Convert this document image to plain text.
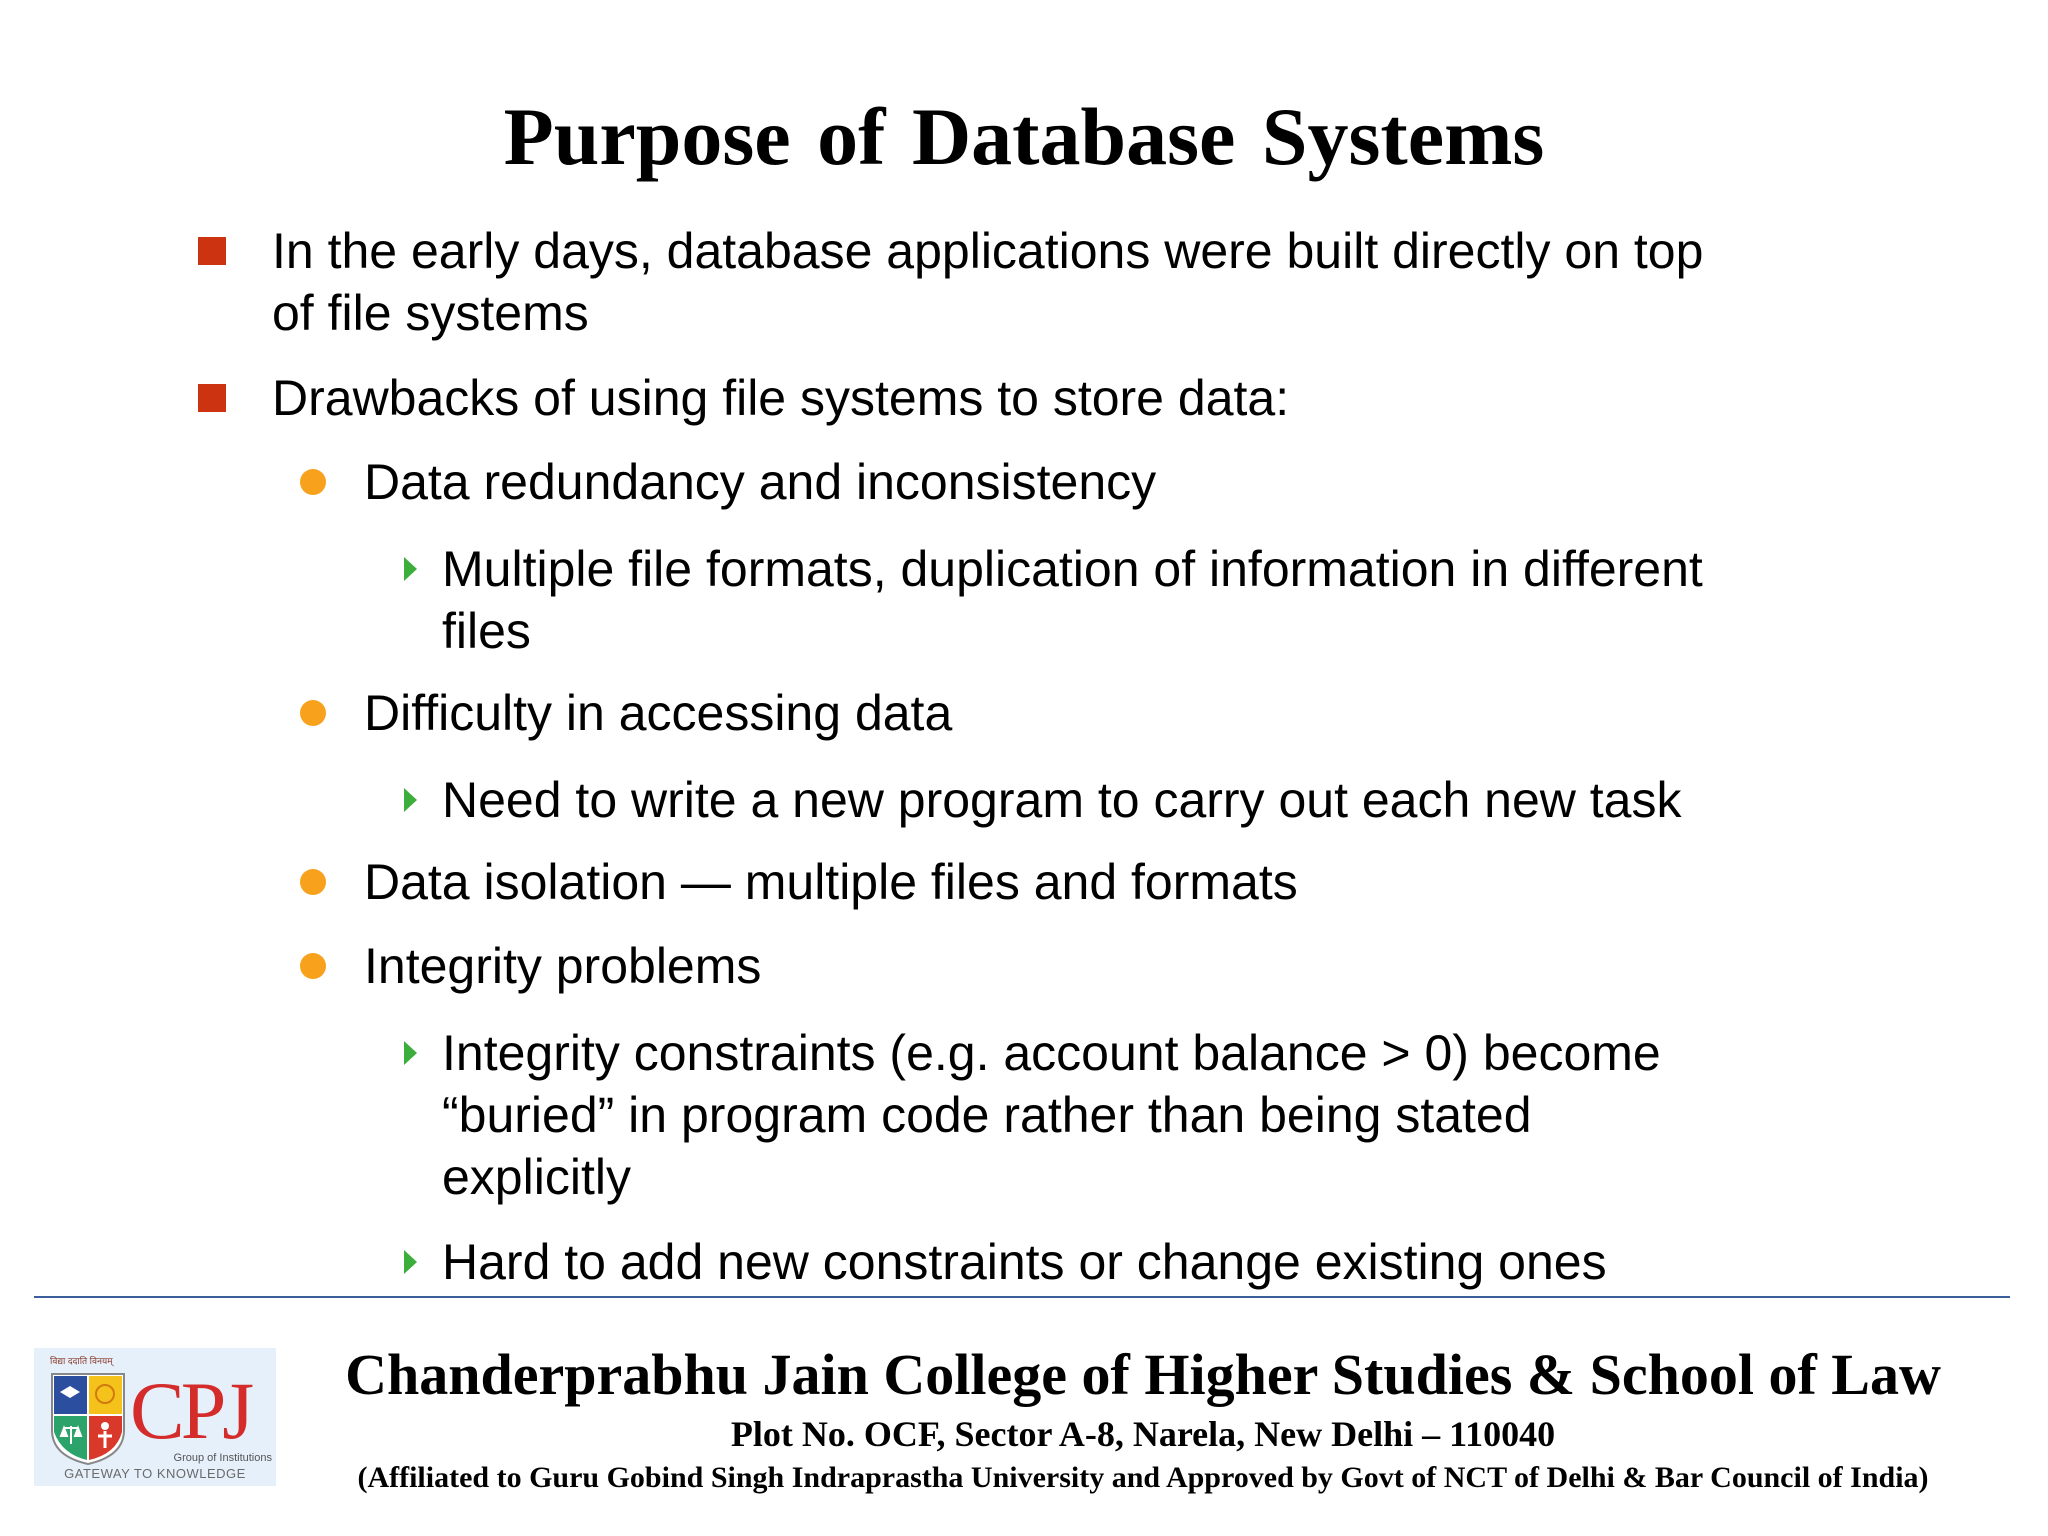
Purpose of Database Systems
In the early days, database applications were built directly on top
of file systems
Drawbacks of using file systems to store data:
Data redundancy and inconsistency
Multiple file formats, duplication of information in different
files
Difficulty in accessing data
Need to write a new program to carry out each new task
Data isolation — multiple files and formats
Integrity problems
Integrity constraints (e.g. account balance > 0) become
“buried” in program code rather than being stated
explicitly
Hard to add new constraints or change existing ones
विद्या ददाति विनयम्
CPJ
Group of Institutions
GATEWAY TO KNOWLEDGE
Chanderprabhu Jain College of Higher Studies & School of Law
Plot No. OCF, Sector A-8, Narela, New Delhi – 110040
(Affiliated to Guru Gobind Singh Indraprastha University and Approved by Govt of NCT of Delhi & Bar Council of India)
